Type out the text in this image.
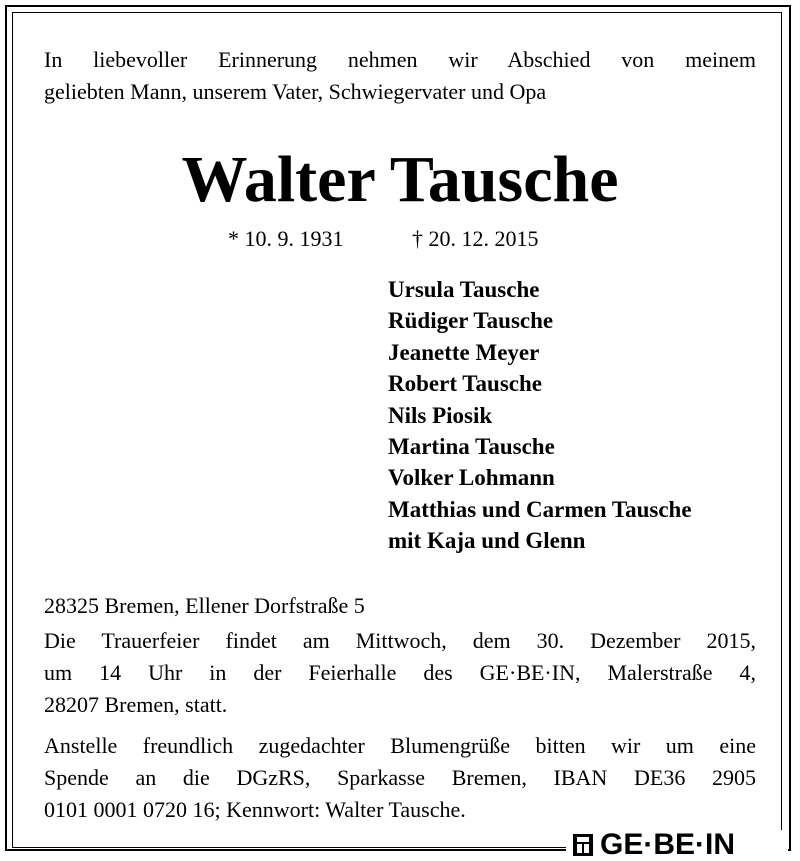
In liebevoller Erinnerung nehmen wir Abschied von meinem
geliebten Mann, unserem Vater, Schwiegervater und Opa
Walter Tausche
* 10. 9. 1931	† 20. 12. 2015
Ursula Tausche
Rüdiger Tausche
Jeanette Meyer
Robert Tausche
Nils Piosik
Martina Tausche
Volker Lohmann
Matthias und Carmen Tausche
mit Kaja und Glenn
28325 Bremen, Ellener Dorfstraße 5
Die Trauerfeier findet am Mittwoch, dem 30. Dezember 2015,
um 14 Uhr in der Feierhalle des GE·BE·IN, Malerstraße 4,
28207 Bremen, statt.
Anstelle freundlich zugedachter Blumengrüße bitten wir um eine
Spende an die DGzRS, Sparkasse Bremen, IBAN DE36 2905
0101 0001 0720 16; Kennwort: Walter Tausche.
GE·BE·IN
